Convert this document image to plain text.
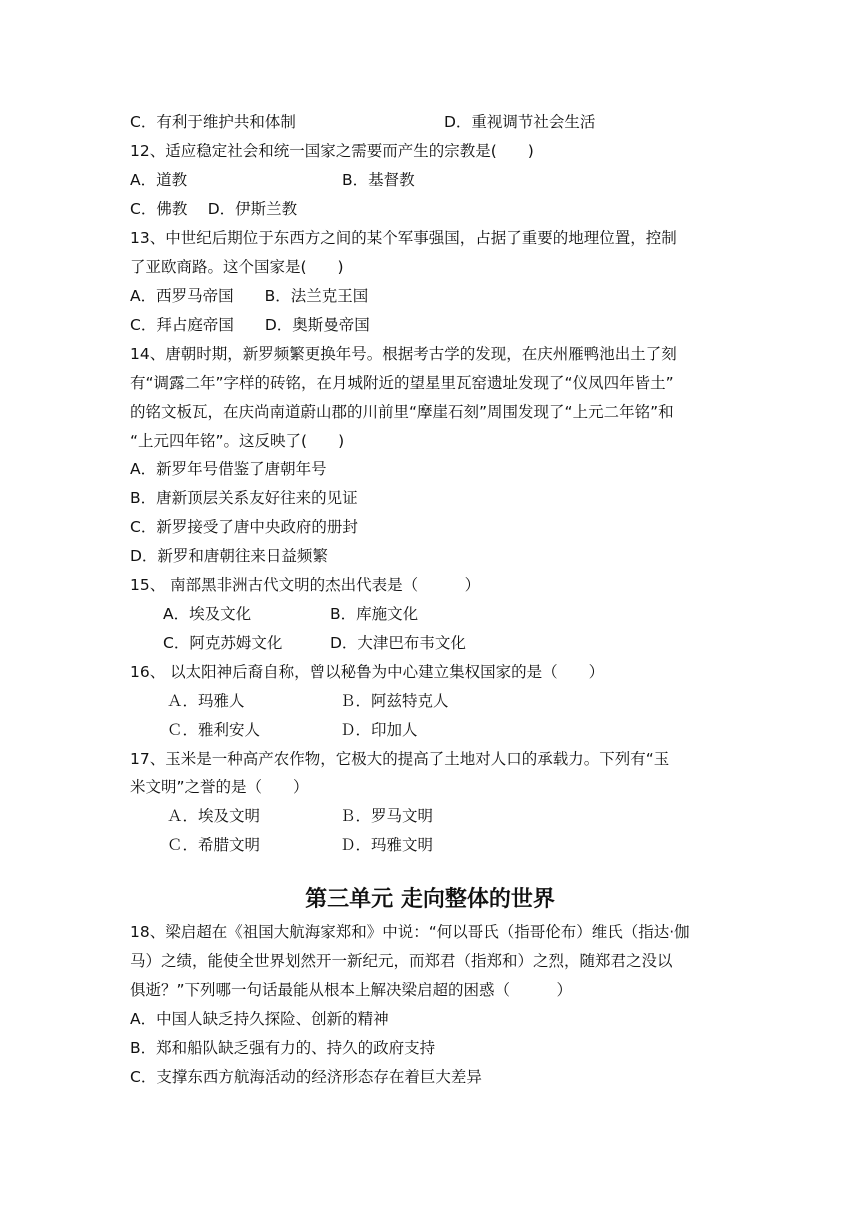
C．有利于维护共和体制	D．重视调节社会生活
12、适应稳定社会和统一国家之需要而产生的宗教是(　　)
A．道教	B．基督教
C．佛教　 D．伊斯兰教
13、中世纪后期位于东西方之间的某个军事强国，占据了重要的地理位置，控制
了亚欧商路。这个国家是(　　)
A．西罗马帝国　　B．法兰克王国
C．拜占庭帝国　　D．奥斯曼帝国
14、唐朝时期，新罗频繁更换年号。根据考古学的发现，在庆州雁鸭池出土了刻
有“调露二年”字样的砖铭，在月城附近的望星里瓦窑遗址发现了“仪凤四年皆土”
的铭文板瓦，在庆尚南道蔚山郡的川前里“摩崖石刻”周围发现了“上元二年铭”和
“上元四年铭”。这反映了(　　)
A．新罗年号借鉴了唐朝年号
B．唐新顶层关系友好往来的见证
C．新罗接受了唐中央政府的册封
D．新罗和唐朝往来日益频繁
15、 南部黑非洲古代文明的杰出代表是（　　　）
A．埃及文化	B．库施文化
C．阿克苏姆文化	D．大津巴布韦文化
16、 以太阳神后裔自称，曾以秘鲁为中心建立集权国家的是（　　）
Ａ．玛雅人	Ｂ．阿兹特克人
Ｃ．雅利安人	Ｄ．印加人
17、玉米是一种高产农作物，它极大的提高了土地对人口的承载力。下列有“玉
米文明”之誉的是（　　）
Ａ．埃及文明	Ｂ．罗马文明
Ｃ．希腊文明	Ｄ．玛雅文明
第三单元 走向整体的世界
18、梁启超在《祖国大航海家郑和》中说：“何以哥氏（指哥伦布）维氏（指达·伽
马）之绩，能使全世界划然开一新纪元，而郑君（指郑和）之烈，随郑君之没以
俱逝？”下列哪一句话最能从根本上解决梁启超的困惑（　　　）
A．中国人缺乏持久探险、创新的精神
B．郑和船队缺乏强有力的、持久的政府支持
C．支撑东西方航海活动的经济形态存在着巨大差异
